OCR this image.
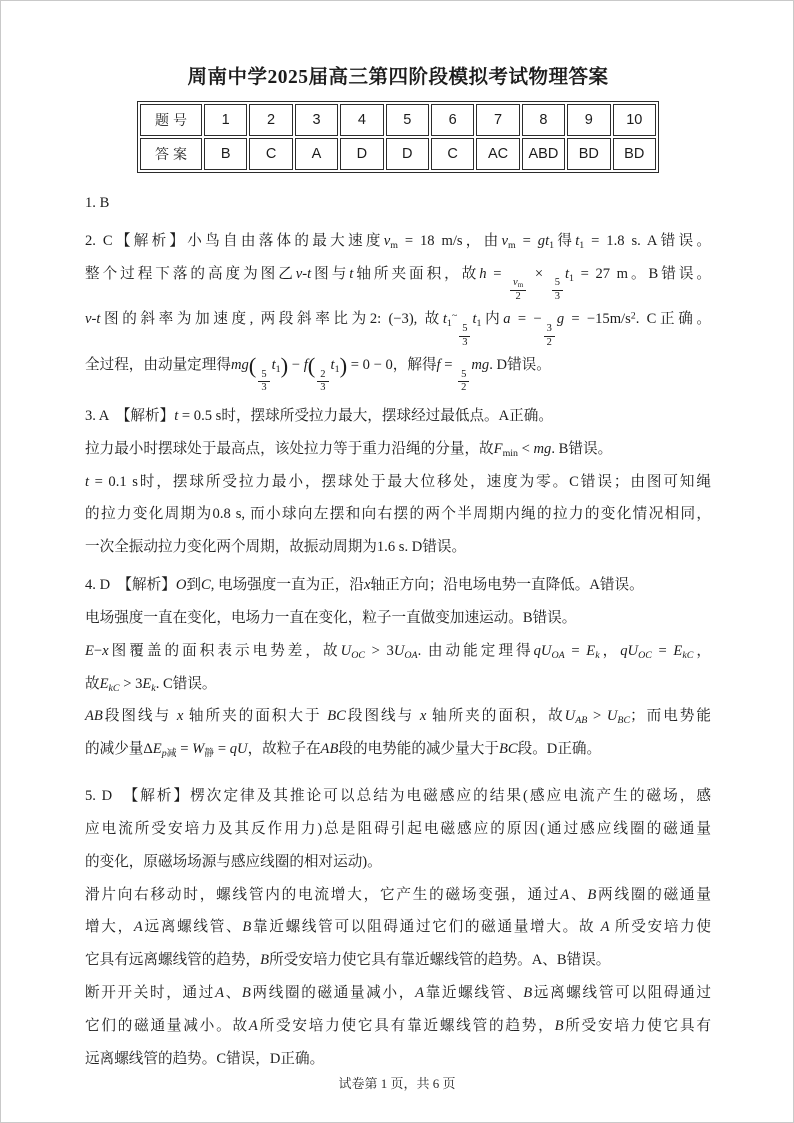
周南中学2025届高三第四阶段模拟考试物理答案
题号	1	2	3	4	5	6	7	8	9	10
答案	B	C	A	D	D	C	AC	ABD	BD	BD
1. B
2. C【解析】小鸟自由落体的最大速度$v_m = 18$ m/s，由$v_m = gt_1$得$t_1 = 1.8$ s. A错误。
整个过程下落的高度为图乙v-t图与t轴所夹面积，故h =
$\frac{v_m}{2}$
×
$\frac{5}{3}$
$t_1 = 27$ m。B错误。
v-t图的斜率为加速度, 两段斜率比为2: (−3), 故$t_1^\sim$
$\frac{5}{3}$
$t_1$内a = −
$\frac{3}{2}$
$g = -15m/s^2$. C正确。
全过程，由动量定理得mg(
$\frac{5}{3}$
$t_1) - f$(
$\frac{2}{3}$
$t_1) = 0 - 0$，解得f =
$\frac{5}{2}$
mg. D错误。
3. A　【解析】t = 0.5 s时，摆球所受拉力最大，摆球经过最低点。A正确。
拉力最小时摆球处于最高点，该处拉力等于重力沿绳的分量，故$F_{min}$ < mg. B错误。
t = 0.1 s时，摆球所受拉力最小，摆球处于最大位移处，速度为零。C错误；由图可知绳
的拉力变化周期为0.8 s, 而小球向左摆和向右摆的两个半周期内绳的拉力的变化情况相同，
一次全振动拉力变化两个周期，故振动周期为1.6 s. D错误。
4. D　【解析】O到C, 电场强度一直为正，沿x轴正方向；沿电场电势一直降低。A错误。
电场强度一直在变化，电场力一直在变化，粒子一直做变加速运动。B错误。
E−x图覆盖的面积表示电势差，故$U_{OC} > 3U_{OA}$. 由动能定理得$qU_{OA} = E_k$，$qU_{OC} = E_{kC}$，
故$E_{kC} > 3E_k$. C错误。
AB段图线与 x 轴所夹的面积大于 BC段图线与 x 轴所夹的面积，故$U_{AB} > U_{BC}$；而电势能
的减少量$\Delta E_{p减} = W_静$ = qU，故粒子在AB段的电势能的减少量大于BC段。D正确。
5. D　【解析】楞次定律及其推论可以总结为电磁感应的结果(感应电流产生的磁场，感
应电流所受安培力及其反作用力)总是阻碍引起电磁感应的原因(通过感应线圈的磁通量
的变化，原磁场场源与感应线圈的相对运动)。
滑片向右移动时，螺线管内的电流增大，它产生的磁场变强，通过A、B两线圈的磁通量
增大，A远离螺线管、B靠近螺线管可以阻碍通过它们的磁通量增大。故 A 所受安培力使
它具有远离螺线管的趋势，B所受安培力使它具有靠近螺线管的趋势。A、B错误。
断开开关时，通过A、B两线圈的磁通量减小，A靠近螺线管、B远离螺线管可以阻碍通过
它们的磁通量减小。故A所受安培力使它具有靠近螺线管的趋势，B所受安培力使它具有
远离螺线管的趋势。C错误，D正确。
试卷第 1 页，共 6 页
